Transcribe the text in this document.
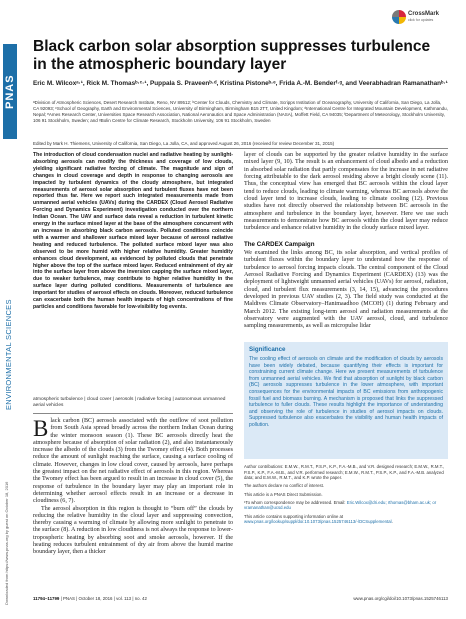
PNAS
ENVIRONMENTAL SCIENCES
Downloaded from https://www.pnas.org by guest on October 18, 2016
CrossMark
click for updates
Black carbon solar absorption suppresses turbulence in the atmospheric boundary layer
Eric M. Wilcoxᵃ·¹, Rick M. Thomasᵇ·ᶜ·¹, Puppala S. Praveenᵇ·ᵈ, Kristina Pistoneᵇ·ᵉ, Frida A.-M. Benderᶠ·ᵍ, and Veerabhadran Ramanathanᵇ·¹
ᵃDivision of Atmospheric Sciences, Desert Research Institute, Reno, NV 89512; ᵇCenter for Clouds, Chemistry and Climate, Scripps Institution of Oceanography, University of California, San Diego, La Jolla, CA 92093; ᶜSchool of Geography, Earth and Environmental Sciences, University of Birmingham, Birmingham B15 2TT, United Kingdom; ᵈInternational Centre for Integrated Mountain Development, Kathmandu, Nepal; ᵉAmes Research Center, Universities Space Research Association, National Aeronautics and Space Administration (NASA), Moffett Field, CA 94035; ᶠDepartment of Meteorology, Stockholm University, 106 91 Stockholm, Sweden; and ᵍBolin Centre for Climate Research, Stockholm University, 106 91 Stockholm, Sweden
Edited by Mark H. Thiemens, University of California, San Diego, La Jolla, CA, and approved August 26, 2016 (received for review December 31, 2015)
The introduction of cloud condensation nuclei and radiative heating by sunlight-absorbing aerosols can modify the thickness and coverage of low clouds, yielding significant radiative forcing of climate. The magnitude and sign of changes in cloud coverage and depth in response to changing aerosols are impacted by turbulent dynamics of the cloudy atmosphere, but integrated measurements of aerosol solar absorption and turbulent fluxes have not been reported thus far. Here we report such integrated measurements made from unmanned aerial vehicles (UAVs) during the CARDEX (Cloud Aerosol Radiative Forcing and Dynamics Experiment) investigation conducted over the northern Indian Ocean. The UAV and surface data reveal a reduction in turbulent kinetic energy in the surface mixed layer at the base of the atmosphere concurrent with an increase in absorbing black carbon aerosols. Polluted conditions coincide with a warmer and shallower surface mixed layer because of aerosol radiative heating and reduced turbulence. The polluted surface mixed layer was also observed to be more humid with higher relative humidity. Greater humidity enhances cloud development, as evidenced by polluted clouds that penetrate higher above the top of the surface mixed layer. Reduced entrainment of dry air into the surface layer from above the inversion capping the surface mixed layer, due to weaker turbulence, may contribute to higher relative humidity in the surface layer during polluted conditions. Measurements of turbulence are important for studies of aerosol effects on clouds. Moreover, reduced turbulence can exacerbate both the human health impacts of high concentrations of fine particles and conditions favorable for low-visibility fog events.
atmospheric turbulence | cloud cover | aerosols | radiative forcing | autonomous unmanned aerial vehicles

Black carbon (BC) aerosols associated with the outflow of soot pollution from South Asia spread broadly across the northern Indian Ocean during the winter monsoon season (1). These BC aerosols directly heat the atmosphere because of absorption of solar radiation (2), and also instantaneously increase the albedo of the clouds (3) from the Twomey effect (4). Both processes reduce the amount of sunlight reaching the surface, causing a surface cooling of climate. However, changes in low cloud cover, caused by aerosols, have perhaps the greatest impact on the net radiative effect of aerosols in this region. Whereas the Twomey effect has been argued to result in an increase in cloud cover (5), the response of turbulence in the boundary layer may play an important role in determining whether aerosol effects result in an increase or a decrease in cloudiness (6, 7).

The aerosol absorption in this region is thought to “burn off” the clouds by reducing the relative humidity in the cloud layer and suppressing convection, thereby causing a warming of climate by allowing more sunlight to penetrate to the surface (8). A reduction in low cloudiness is not always the response to lower-tropospheric heating by absorbing soot and smoke aerosols, however. If the heating reduces turbulent entrainment of dry air from above the humid marine boundary layer, then a thicker

layer of clouds can be supported by the greater relative humidity in the surface mixed layer (9, 10). The result is an enhancement of cloud albedo and a reduction in absorbed solar radiation that partly compensates for the increase in net radiative forcing attributable to the dark aerosol residing above a bright cloudy scene (11). Thus, the conceptual view has emerged that BC aerosols within the cloud layer tend to reduce clouds, leading to climate warming, whereas BC aerosols above the cloud layer tend to increase clouds, leading to climate cooling (12). Previous studies have not directly observed the relationship between BC aerosols in the atmosphere and turbulence in the boundary layer, however. Here we use such measurements to demonstrate how BC aerosols within the cloud layer may reduce turbulence and enhance relative humidity in the cloudy surface mixed layer.
The CARDEX Campaign
We examined the links among BC, its solar absorption, and vertical profiles of turbulent fluxes within the boundary layer to understand how the response of turbulence to aerosol forcing impacts clouds. The central component of the Cloud Aerosol Radiative Forcing and Dynamics Experiment (CARDEX) (13) was the deployment of lightweight unmanned aerial vehicles (UAVs) for aerosol, radiation, cloud, and turbulent flux measurements (3, 14, 15), advancing the procedures developed in previous UAV studies (2, 3). The field study was conducted at the Maldives Climate Observatory–Hanimaadhoo (MCOH) (1) during February and March 2012. The existing long-term aerosol and radiation measurements at the observatory were augmented with the UAV aerosol, cloud, and turbulence sampling measurements, as well as micropulse lidar
Significance
The cooling effect of aerosols on climate and the modification of clouds by aerosols have been widely debated, because quantifying their effects is important for constraining current climate change. Here we present measurements of turbulence from unmanned aerial vehicles. We find that absorption of sunlight by black carbon (BC) aerosols suppresses turbulence in the lower atmosphere, with important consequences for the environmental impacts of BC emissions from anthropogenic fossil fuel and biomass burning. A mechanism is proposed that links the suppressed turbulence to fuller clouds. These results highlight the importance of understanding and observing the role of turbulence in studies of aerosol impacts on clouds. Suppressed turbulence also exacerbates the visibility and human health impacts of pollution.

Author contributions: E.M.W., R.M.T., P.S.P., K.P., F.A.-M.B., and V.R. designed research; E.M.W., R.M.T., P.S.P., K.P., F.A.-M.B., and V.R. performed research; E.M.W., R.M.T., P.S.P., K.P., and F.A.-M.B. analyzed data; and E.M.W., R.M.T., and K.P. wrote the paper.

The authors declare no conflict of interest.

This article is a PNAS Direct Submission.

¹To whom correspondence may be addressed. Email: Eric.Wilcox@dri.edu; rthomas@bham.ac.uk; or vramanathan@ucsd.edu

This article contains supporting information online at www.pnas.org/lookup/suppl/doi:10.1073/pnas.1525746113/-/DCSupplemental.

11794–11799 | PNAS | October 18, 2016 | vol. 113 | no. 42	www.pnas.org/cgi/doi/10.1073/pnas.1525746113
